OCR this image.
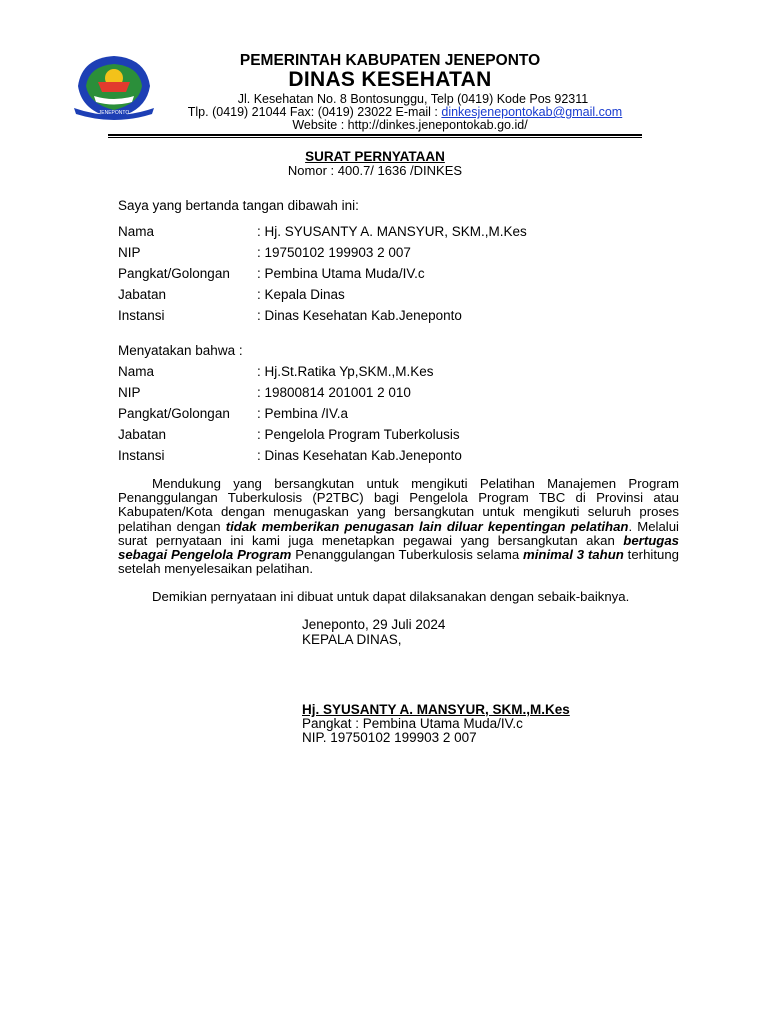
JENEPONTO
PEMERINTAH KABUPATEN JENEPONTO
DINAS KESEHATAN
Jl. Kesehatan No. 8 Bontosunggu, Telp (0419) Kode Pos 92311
Tlp. (0419) 21044 Fax: (0419) 23022 E-mail : dinkesjenepontokab@gmail.com
Website : http://dinkes.jenepontokab.go.id/
SURAT PERNYATAAN
Nomor : 400.7/ 1636 /DINKES
Saya yang bertanda tangan dibawah ini:
Nama	: Hj. SYUSANTY A. MANSYUR, SKM.,M.Kes
NIP	: 19750102 199903 2 007
Pangkat/Golongan : Pembina Utama Muda/IV.c
Jabatan	: Kepala Dinas
Instansi	: Dinas Kesehatan Kab.Jeneponto
Menyatakan bahwa :
Nama	: Hj.St.Ratika Yp,SKM.,M.Kes
NIP	: 19800814 201001 2 010
Pangkat/Golongan : Pembina /IV.a
Jabatan	: Pengelola Program Tuberkolusis
Instansi	: Dinas Kesehatan Kab.Jeneponto
Mendukung yang bersangkutan untuk mengikuti Pelatihan Manajemen Program Penanggulangan Tuberkulosis (P2TBC) bagi Pengelola Program TBC di Provinsi atau Kabupaten/Kota dengan menugaskan yang bersangkutan untuk mengikuti seluruh proses pelatihan dengan tidak memberikan penugasan lain diluar kepentingan pelatihan. Melalui surat pernyataan ini kami juga menetapkan pegawai yang bersangkutan akan bertugas sebagai Pengelola Program Penanggulangan Tuberkulosis selama minimal 3 tahun terhitung setelah menyelesaikan pelatihan.
Demikian pernyataan ini dibuat untuk dapat dilaksanakan dengan sebaik-baiknya.
Jeneponto, 29 Juli 2024
KEPALA DINAS,
Hj. SYUSANTY A. MANSYUR, SKM.,M.Kes
Pangkat : Pembina Utama Muda/IV.c
NIP. 19750102 199903 2 007
